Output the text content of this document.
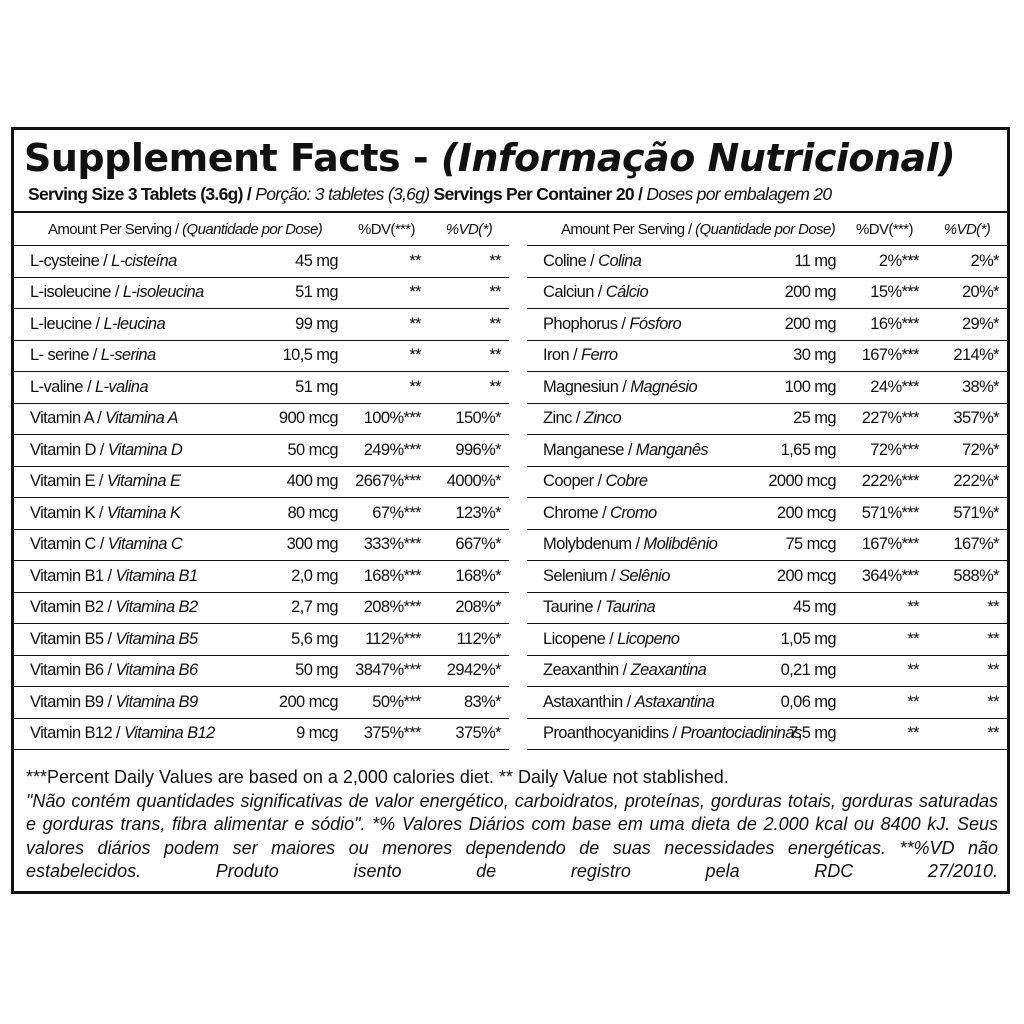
Supplement Facts - (Informação Nutricional)
Serving Size 3 Tablets (3.6g) / Porção: 3 tabletes (3,6g) Servings Per Container 20 / Doses por embalagem 20
Amount Per Serving / (Quantidade por Dose)		%DV(***)	%VD(*)		Amount Per Serving / (Quantidade por Dose)		%DV(***)	%VD(*)
L-cysteine / L-cisteína	45 mg	**	**		Coline / Colina	11 mg	2%***	2%*
L-isoleucine / L-isoleucina	51 mg	**	**		Calciun / Cálcio	200 mg	15%***	20%*
L-leucine / L-leucina	99 mg	**	**		Phophorus / Fósforo	200 mg	16%***	29%*
L- serine / L-serina	10,5 mg	**	**		Iron / Ferro	30 mg	167%***	214%*
L-valine / L-valina	51 mg	**	**		Magnesiun / Magnésio	100 mg	24%***	38%*
Vitamin A / Vitamina A	900 mcg	100%***	150%*		Zinc / Zinco	25 mg	227%***	357%*
Vitamin D / Vitamina D	50 mcg	249%***	996%*		Manganese / Manganês	1,65 mg	72%***	72%*
Vitamin E / Vitamina E	400 mg	2667%***	4000%*		Cooper / Cobre	2000 mcg	222%***	222%*
Vitamin K / Vitamina K	80 mcg	67%***	123%*		Chrome / Cromo	200 mcg	571%***	571%*
Vitamin C / Vitamina C	300 mg	333%***	667%*		Molybdenum / Molibdênio	75 mcg	167%***	167%*
Vitamin B1 / Vitamina B1	2,0 mg	168%***	168%*		Selenium / Selênio	200 mcg	364%***	588%*
Vitamin B2 / Vitamina B2	2,7 mg	208%***	208%*		Taurine / Taurina	45 mg	**	**
Vitamin B5 / Vitamina B5	5,6 mg	112%***	112%*		Licopene / Licopeno	1,05 mg	**	**
Vitamin B6 / Vitamina B6	50 mg	3847%***	2942%*		Zeaxanthin / Zeaxantina	0,21 mg	**	**
Vitamin B9 / Vitamina B9	200 mcg	50%***	83%*		Astaxanthin / Astaxantina	0,06 mg	**	**
Vitamin B12 / Vitamina B12	9 mcg	375%***	375%*		Proanthocyanidins / Proantociadininas	7,5 mg	**	**
***Percent Daily Values are based on a 2,000 calories diet. ** Daily Value not stablished.

"Não contém quantidades significativas de valor energético, carboidratos, proteínas, gorduras totais, gorduras saturadas e gorduras trans, fibra alimentar e sódio". *% Valores Diários com base em uma dieta de 2.000 kcal ou 8400 kJ. Seus valores diários podem ser maiores ou menores dependendo de suas necessidades energéticas. **%VD não estabelecidos. Produto isento de registro pela RDC 27/2010.
